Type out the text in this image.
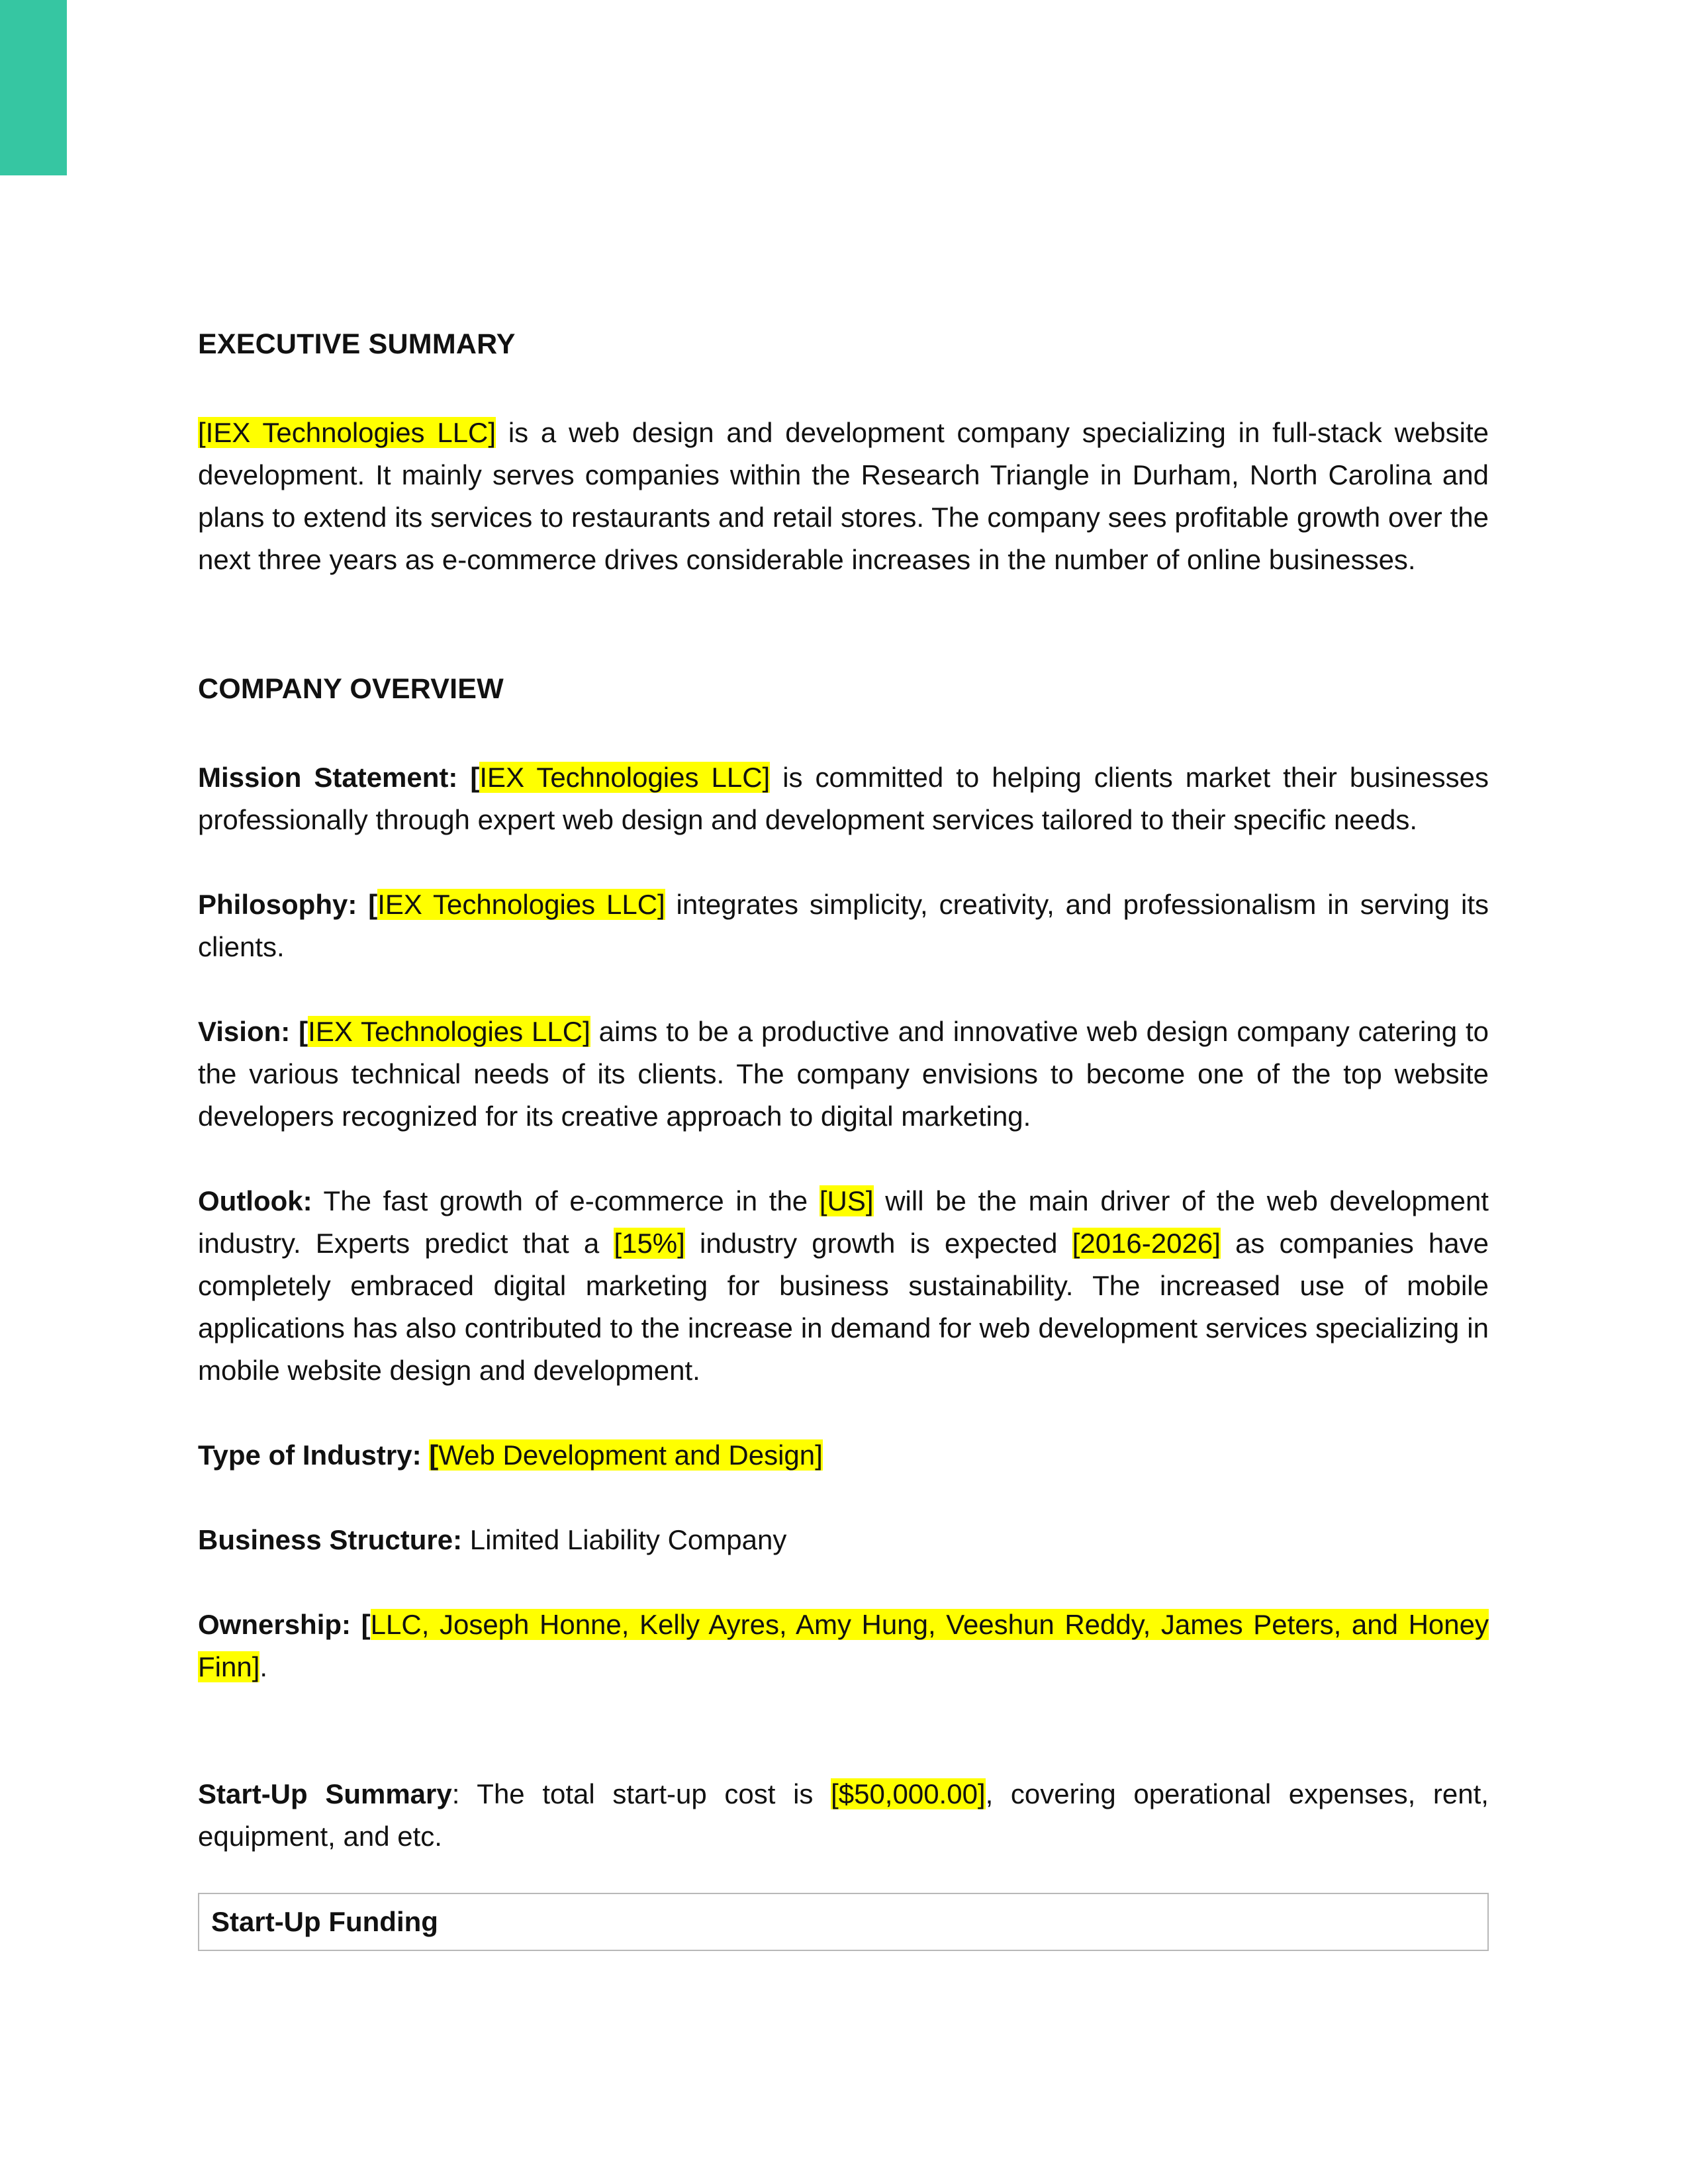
EXECUTIVE SUMMARY

[IEX Technologies LLC] is a web design and development company specializing in full-stack website development. It mainly serves companies within the Research Triangle in Durham, North Carolina and plans to extend its services to restaurants and retail stores. The company sees profitable growth over the next three years as e-commerce drives considerable increases in the number of online businesses.

COMPANY OVERVIEW

Mission Statement: [IEX Technologies LLC] is committed to helping clients market their businesses professionally through expert web design and development services tailored to their specific needs.

Philosophy: [IEX Technologies LLC] integrates simplicity, creativity, and professionalism in serving its clients.

Vision: [IEX Technologies LLC] aims to be a productive and innovative web design company catering to the various technical needs of its clients. The company envisions to become one of the top website developers recognized for its creative approach to digital marketing.

Outlook: The fast growth of e-commerce in the [US] will be the main driver of the web development industry. Experts predict that a [15%] industry growth is expected [2016-2026] as companies have completely embraced digital marketing for business sustainability. The increased use of mobile applications has also contributed to the increase in demand for web development services specializing in mobile website design and development.

Type of Industry: [Web Development and Design]

Business Structure: Limited Liability Company

Ownership: [LLC, Joseph Honne, Kelly Ayres, Amy Hung, Veeshun Reddy, James Peters, and Honey Finn].

Start-Up Summary: The total start-up cost is [$50,000.00], covering operational expenses, rent, equipment, and etc.

Start-Up Funding
